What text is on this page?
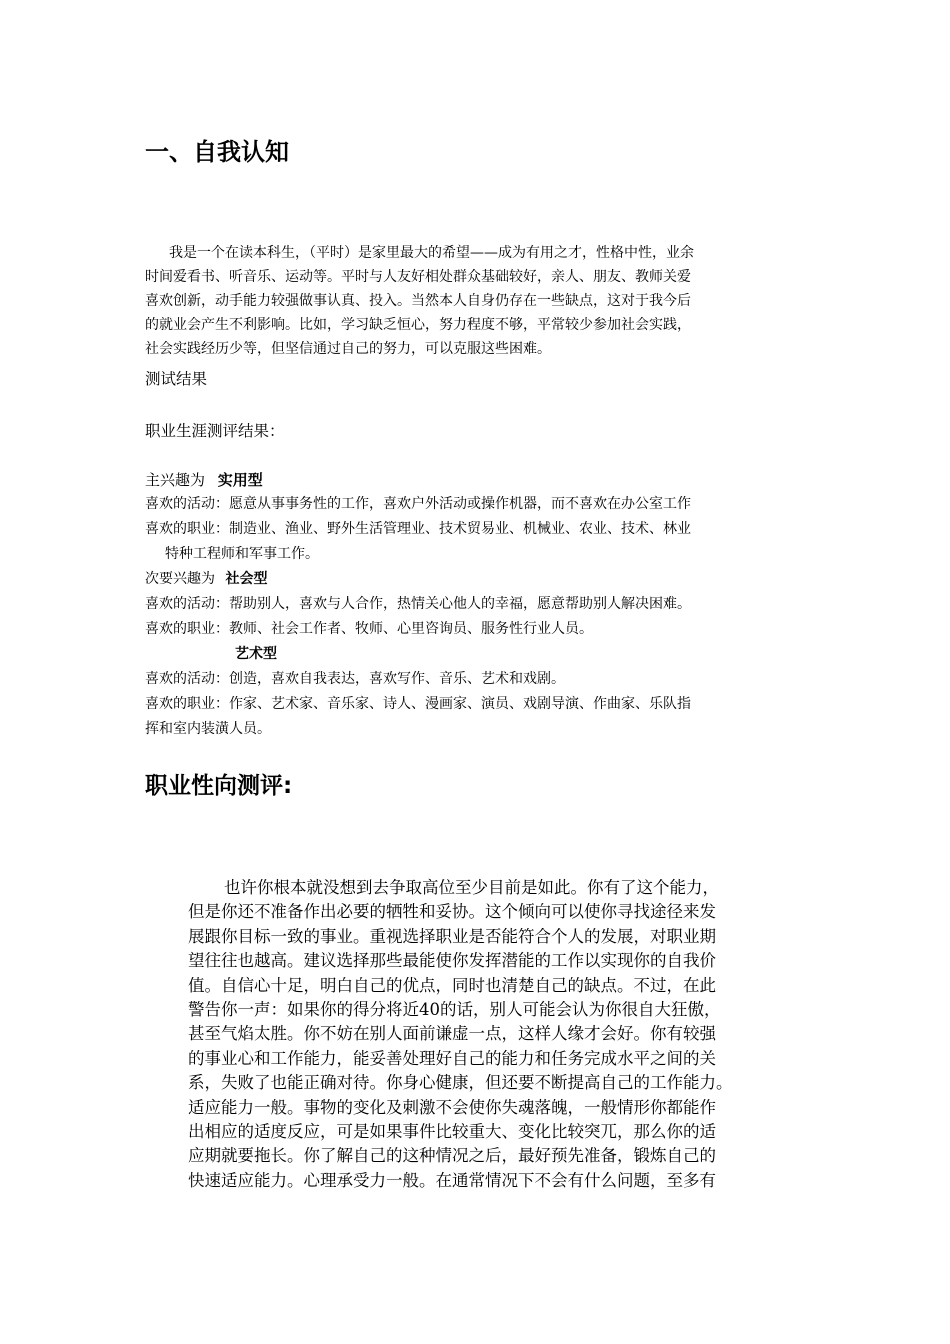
一、自我认知
我是一个在读本科生，（平时）是家里最大的希望——成为有用之才，性格中性，业余
时间爱看书、听音乐、运动等。平时与人友好相处群众基础较好，亲人、朋友、教师关爱
喜欢创新，动手能力较强做事认真、投入。当然本人自身仍存在一些缺点，这对于我今后
的就业会产生不利影响。比如，学习缺乏恒心，努力程度不够，平常较少参加社会实践，
社会实践经历少等，但坚信通过自己的努力，可以克服这些困难。
测试结果
职业生涯测评结果：
主兴趣为 实用型
喜欢的活动：愿意从事事务性的工作，喜欢户外活动或操作机器，而不喜欢在办公室工作
喜欢的职业：制造业、渔业、野外生活管理业、技术贸易业、机械业、农业、技术、林业
特种工程师和军事工作。
次要兴趣为 社会型
喜欢的活动：帮助别人，喜欢与人合作，热情关心他人的幸福，愿意帮助别人解决困难。
喜欢的职业：教师、社会工作者、牧师、心里咨询员、服务性行业人员。
艺术型
喜欢的活动：创造，喜欢自我表达，喜欢写作、音乐、艺术和戏剧。
喜欢的职业：作家、艺术家、音乐家、诗人、漫画家、演员、戏剧导演、作曲家、乐队指
挥和室内装潢人员。
职业性向测评:
也许你根本就没想到去争取高位至少目前是如此。你有了这个能力，
但是你还不准备作出必要的牺牲和妥协。这个倾向可以使你寻找途径来发
展跟你目标一致的事业。重视选择职业是否能符合个人的发展，对职业期
望往往也越高。建议选择那些最能使你发挥潜能的工作以实现你的自我价
值。自信心十足，明白自己的优点，同时也清楚自己的缺点。不过，在此
警告你一声：如果你的得分将近40的话，别人可能会认为你很自大狂傲，
甚至气焰太胜。你不妨在别人面前谦虚一点，这样人缘才会好。你有较强
的事业心和工作能力，能妥善处理好自己的能力和任务完成水平之间的关
系，失败了也能正确对待。你身心健康，但还要不断提高自己的工作能力。
适应能力一般。事物的变化及刺激不会使你失魂落魄，一般情形你都能作
出相应的适度反应，可是如果事件比较重大、变化比较突兀，那么你的适
应期就要拖长。你了解自己的这种情况之后，最好预先准备，锻炼自己的
快速适应能力。心理承受力一般。在通常情况下不会有什么问题，至多有
